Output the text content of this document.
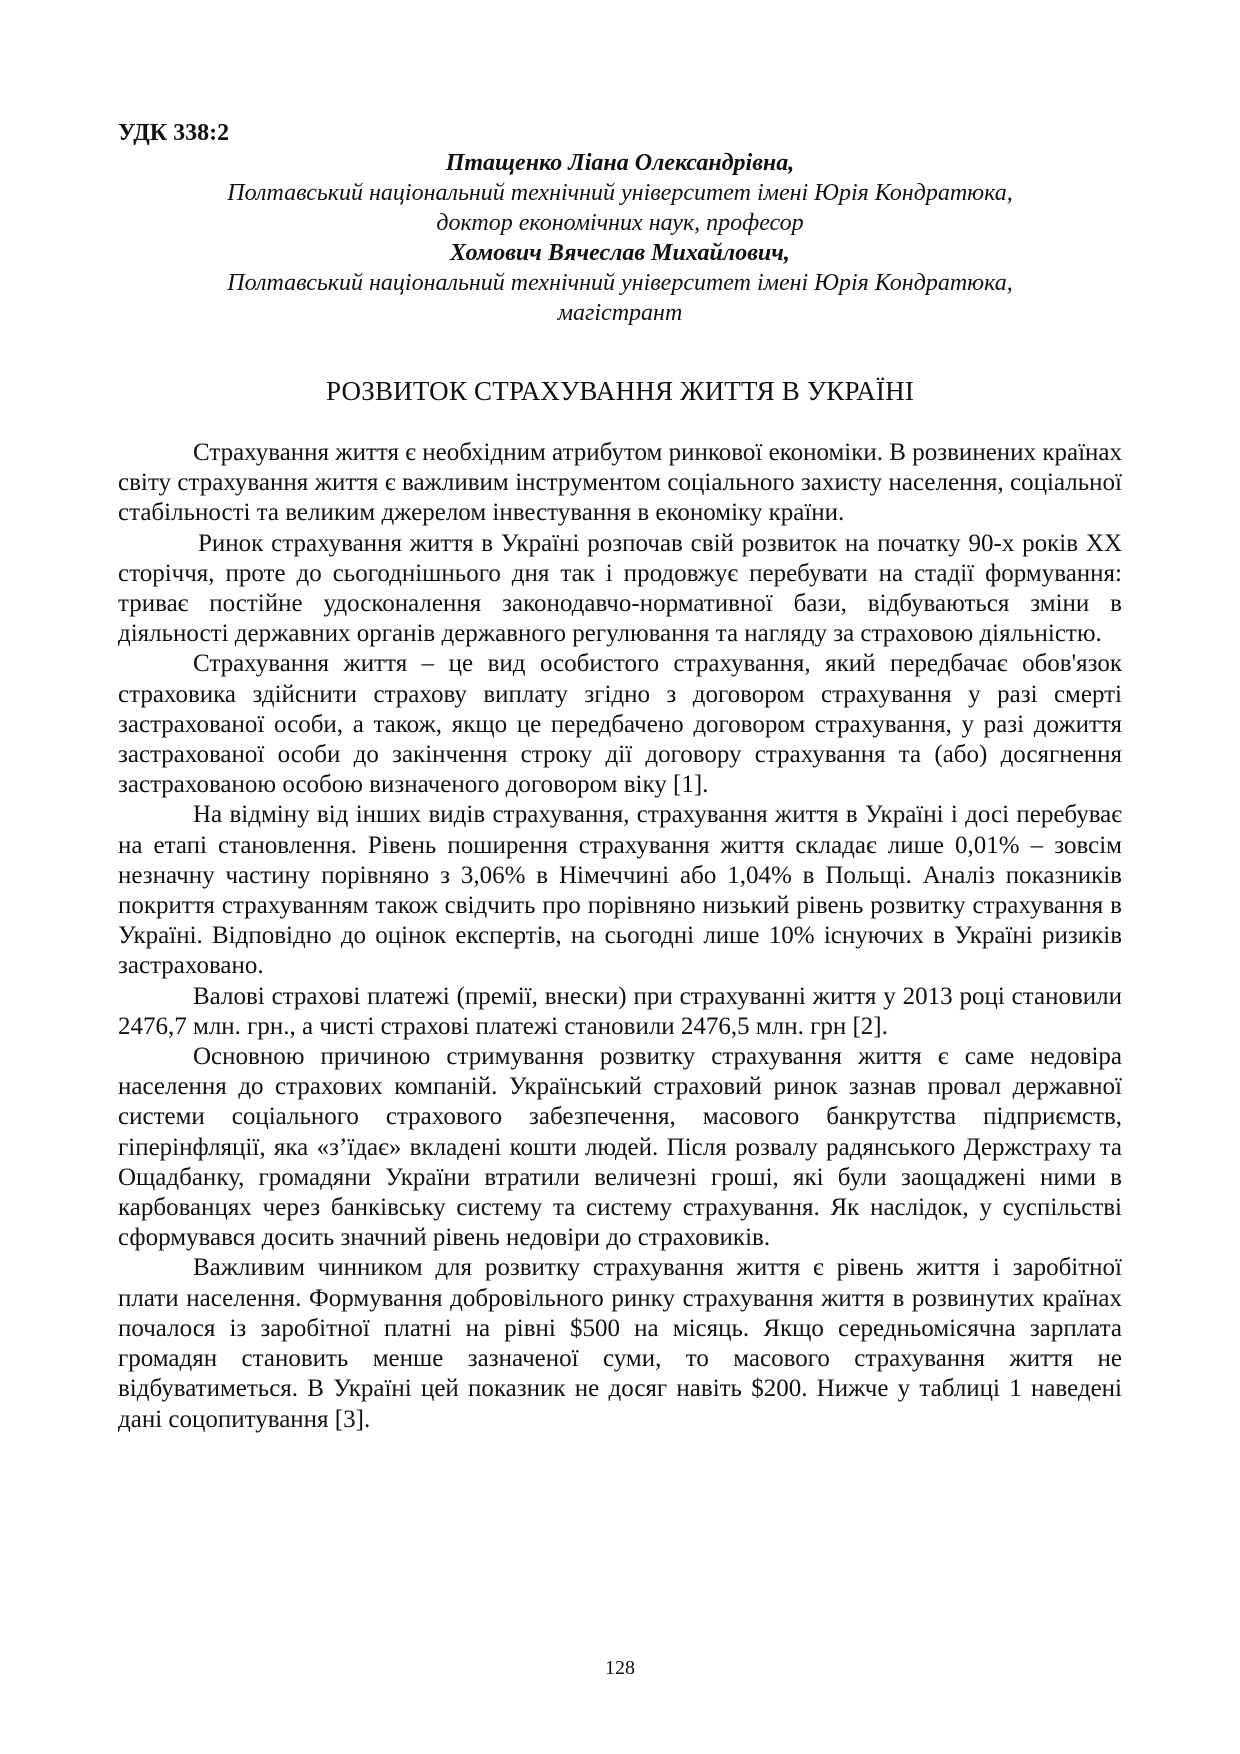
УДК 338:2
Птащенко Ліана Олександрівна,
Полтавський національний технічний університет імені Юрія Кондратюка,
доктор економічних наук, професор
Хомович Вячеслав Михайлович,
Полтавський національний технічний університет імені Юрія Кондратюка,
магістрант
РОЗВИТОК СТРАХУВАННЯ ЖИТТЯ В УКРАЇНІ

Страхування життя є необхідним атрибутом ринкової економіки. В розвинених країнах світу страхування життя є важливим інструментом соціального захисту населення, соціальної стабільності та великим джерелом інвестування в економіку країни.

Ринок страхування життя в Україні розпочав свій розвиток на початку 90-х років ХХ сторіччя, проте до сьогоднішнього дня так і продовжує перебувати на стадії формування: триває постійне удосконалення законодавчо-нормативної бази, відбуваються зміни в діяльності державних органів державного регулювання та нагляду за страховою діяльністю.

Страхування життя – це вид особистого страхування, який передбачає обов'язок страховика здійснити страхову виплату згідно з договором страхування у разі смерті застрахованої особи, а також, якщо це передбачено договором страхування, у разі дожиття застрахованої особи до закінчення строку дії договору страхування та (або) досягнення застрахованою особою визначеного договором віку [1].

На відміну від інших видів страхування, страхування життя в Україні і досі перебуває на етапі становлення. Рівень поширення страхування життя складає лише 0,01% – зовсім незначну частину порівняно з 3,06% в Німеччині або 1,04% в Польщі. Аналіз показників покриття страхуванням також свідчить про порівняно низький рівень розвитку страхування в Україні. Відповідно до оцінок експертів, на сьогодні лише 10% існуючих в Україні ризиків застраховано.

Валові страхові платежі (премії, внески) при страхуванні життя у 2013 році становили 2476,7 млн. грн., а чисті страхові платежі становили 2476,5 млн. грн [2].

Основною причиною стримування розвитку страхування життя є саме недовіра населення до страхових компаній. Український страховий ринок зазнав провал державної системи соціального страхового забезпечення, масового банкрутства підприємств, гіперінфляції, яка «з’їдає» вкладені кошти людей. Після розвалу радянського Держстраху та Ощадбанку, громадяни України втратили величезні гроші, які були заощаджені ними в карбованцях через банківську систему та систему страхування. Як наслідок, у суспільстві сформувався досить значний рівень недовіри до страховиків.

Важливим чинником для розвитку страхування життя є рівень життя і заробітної плати населення. Формування добровільного ринку страхування життя в розвинутих країнах почалося із заробітної платні на рівні $500 на місяць. Якщо середньомісячна зарплата громадян становить менше зазначеної суми, то масового страхування життя не відбуватиметься. В Україні цей показник не досяг навіть $200. Нижче у таблиці 1 наведені дані соцопитування [3].

128
